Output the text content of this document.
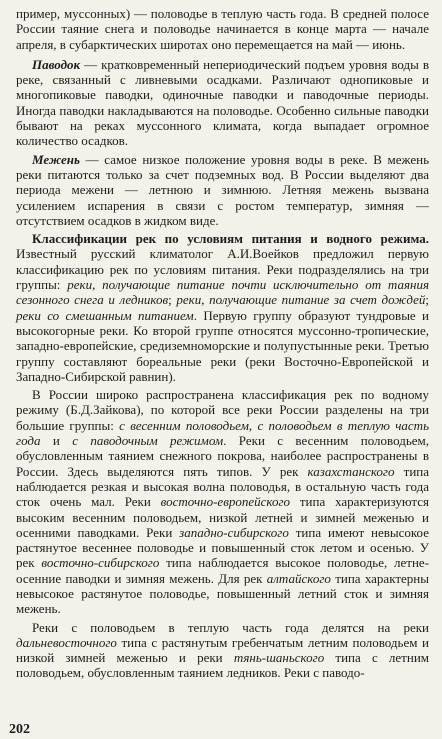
пример, муссонных) — половодье в теплую часть года. В средней полосе России таяние снега и половодье начинается в конце марта — начале апреля, в субарктических широтах оно перемещается на май — июнь.

Паводок — кратковременный непериодический подъем уровня воды в реке, связанный с ливневыми осадками. Различают однопиковые и многопиковые паводки, одиночные паводки и паводочные периоды. Иногда паводки накладываются на половодье. Особенно сильные паводки бывают на реках муссонного климата, когда выпадает огромное количество осадков.

Межень — самое низкое положение уровня воды в реке. В межень реки питаются только за счет подземных вод. В России выделяют два периода межени — летнюю и зимнюю. Летняя межень вызвана усилением испарения в связи с ростом температур, зимняя — отсутствием осадков в жидком виде.

Классификации рек по условиям питания и водного режима. Известный русский климатолог А.И.Воейков предложил первую классификацию рек по условиям питания. Реки подразделялись на три группы: реки, получающие питание почти исключительно от таяния сезонного снега и ледников; реки, получающие питание за счет дождей; реки со смешанным питанием. Первую группу образуют тундровые и высокогорные реки. Ко второй группе относятся муссонно-тропические, западно-европейские, средиземноморские и полупустынные реки. Третью группу составляют бореальные реки (реки Восточно-Европейской и Западно-Сибирской равнин).

В России широко распространена классификация рек по водному режиму (Б.Д.Зайкова), по которой все реки России разделены на три большие группы: с весенним половодьем, с половодьем в теплую часть года и с паводочным режимом. Реки с весенним половодьем, обусловленным таянием снежного покрова, наиболее распространены в России. Здесь выделяются пять типов. У рек казахстанского типа наблюдается резкая и высокая волна половодья, в остальную часть года сток очень мал. Реки восточно-европейского типа характеризуются высоким весенним половодьем, низкой летней и зимней меженью и осенними паводками. Реки западно-сибирского типа имеют невысокое растянутое весеннее половодье и повышенный сток летом и осенью. У рек восточно-сибирского типа наблюдается высокое половодье, летне-осенние паводки и зимняя межень. Для рек алтайского типа характерны невысокое растянутое половодье, повышенный летний сток и зимняя межень.

Реки с половодьем в теплую часть года делятся на реки дальневосточного типа с растянутым гребенчатым летним половодьем и низкой зимней меженью и реки тянь-шаньского типа с летним половодьем, обусловленным таянием ледников. Реки с паводо-

202
